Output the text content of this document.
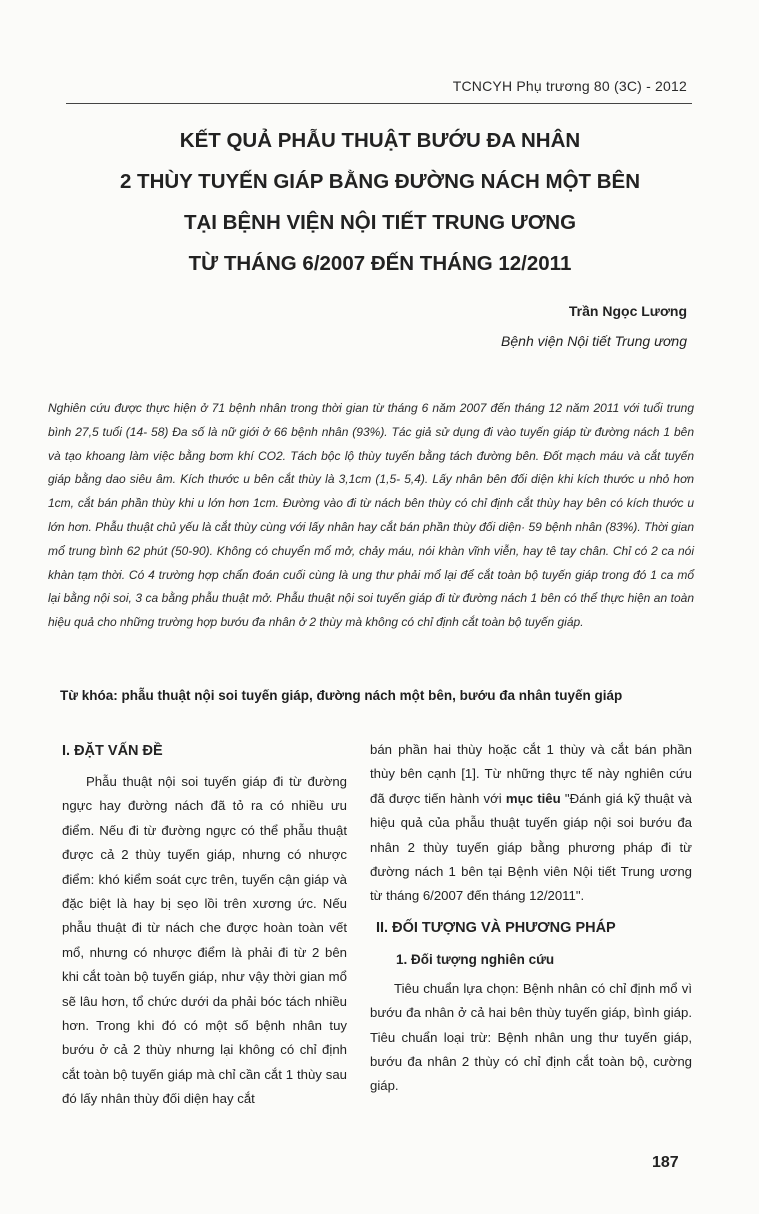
TCNCYH Phụ trương 80 (3C) - 2012
KẾT QUẢ PHẪU THUẬT BƯỚU ĐA NHÂN
2 THÙY TUYẾN GIÁP BẰNG ĐƯỜNG NÁCH MỘT BÊN
TẠI BỆNH VIỆN NỘI TIẾT TRUNG ƯƠNG
TỪ THÁNG 6/2007 ĐẾN THÁNG 12/2011
Trần Ngọc Lương
Bệnh viện Nội tiết Trung ương

Nghiên cứu được thực hiện ở 71 bệnh nhân trong thời gian từ tháng 6 năm 2007 đến tháng 12 năm 2011 với tuổi trung bình 27,5 tuổi (14- 58) Đa số là nữ giới ở 66 bệnh nhân (93%). Tác giả sử dụng đi vào tuyến giáp từ đường nách 1 bên và tạo khoang làm việc bằng bơm khí CO2. Tách bộc lộ thùy tuyến bằng tách đường bên. Đốt mạch máu và cắt tuyến giáp bằng dao siêu âm. Kích thước u bên cắt thùy là 3,1cm (1,5- 5,4). Lấy nhân bên đối diện khi kích thước u nhỏ hơn 1cm, cắt bán phần thùy khi u lớn hơn 1cm. Đường vào đi từ nách bên thùy có chỉ định cắt thùy hay bên có kích thước u lớn hơn. Phẫu thuật chủ yếu là cắt thùy cùng với lấy nhân hay cắt bán phần thùy đối diện· 59 bệnh nhân (83%). Thời gian mổ trung bình 62 phút (50-90). Không có chuyển mổ mở, chảy máu, nói khàn vĩnh viễn, hay tê tay chân. Chỉ có 2 ca nói khàn tạm thời. Có 4 trường hợp chẩn đoán cuối cùng là ung thư phải mổ lại để cắt toàn bộ tuyến giáp trong đó 1 ca mổ lại bằng nội soi, 3 ca bằng phẫu thuật mở. Phẫu thuật nội soi tuyến giáp đi từ đường nách 1 bên có thể thực hiện an toàn hiệu quả cho những trường hợp bướu đa nhân ở 2 thùy mà không có chỉ định cắt toàn bộ tuyến giáp.

Từ khóa: phẫu thuật nội soi tuyến giáp, đường nách một bên, bướu đa nhân tuyến giáp
I. ĐẶT VẤN ĐỀ

Phẫu thuật nội soi tuyến giáp đi từ đường ngực hay đường nách đã tỏ ra có nhiều ưu điểm. Nếu đi từ đường ngực có thể phẫu thuật được cả 2 thùy tuyến giáp, nhưng có nhược điểm: khó kiểm soát cực trên, tuyến cận giáp và đặc biệt là hay bị sẹo lồi trên xương ức. Nếu phẫu thuật đi từ nách che được hoàn toàn vết mổ, nhưng có nhược điểm là phải đi từ 2 bên khi cắt toàn bộ tuyến giáp, như vậy thời gian mổ sẽ lâu hơn, tổ chức dưới da phải bóc tách nhiều hơn. Trong khi đó có một số bệnh nhân tuy bướu ở cả 2 thùy nhưng lại không có chỉ định cắt toàn bộ tuyến giáp mà chỉ cần cắt 1 thùy sau đó lấy nhân thùy đối diện hay cắt

bán phần hai thùy hoặc cắt 1 thùy và cắt bán phần thùy bên cạnh [1]. Từ những thực tế này nghiên cứu đã được tiến hành với mục tiêu "Đánh giá kỹ thuật và hiệu quả của phẫu thuật tuyến giáp nội soi bướu đa nhân 2 thùy tuyến giáp bằng phương pháp đi từ đường nách 1 bên tại Bệnh viên Nội tiết Trung ương từ tháng 6/2007 đến tháng 12/2011".

II. ĐỐI TƯỢNG VÀ PHƯƠNG PHÁP
1. Đối tượng nghiên cứu

Tiêu chuẩn lựa chọn: Bệnh nhân có chỉ định mổ vì bướu đa nhân ở cả hai bên thùy tuyến giáp, bình giáp. Tiêu chuẩn loại trừ: Bệnh nhân ung thư tuyến giáp, bướu đa nhân 2 thùy có chỉ định cắt toàn bộ, cường giáp.

187
